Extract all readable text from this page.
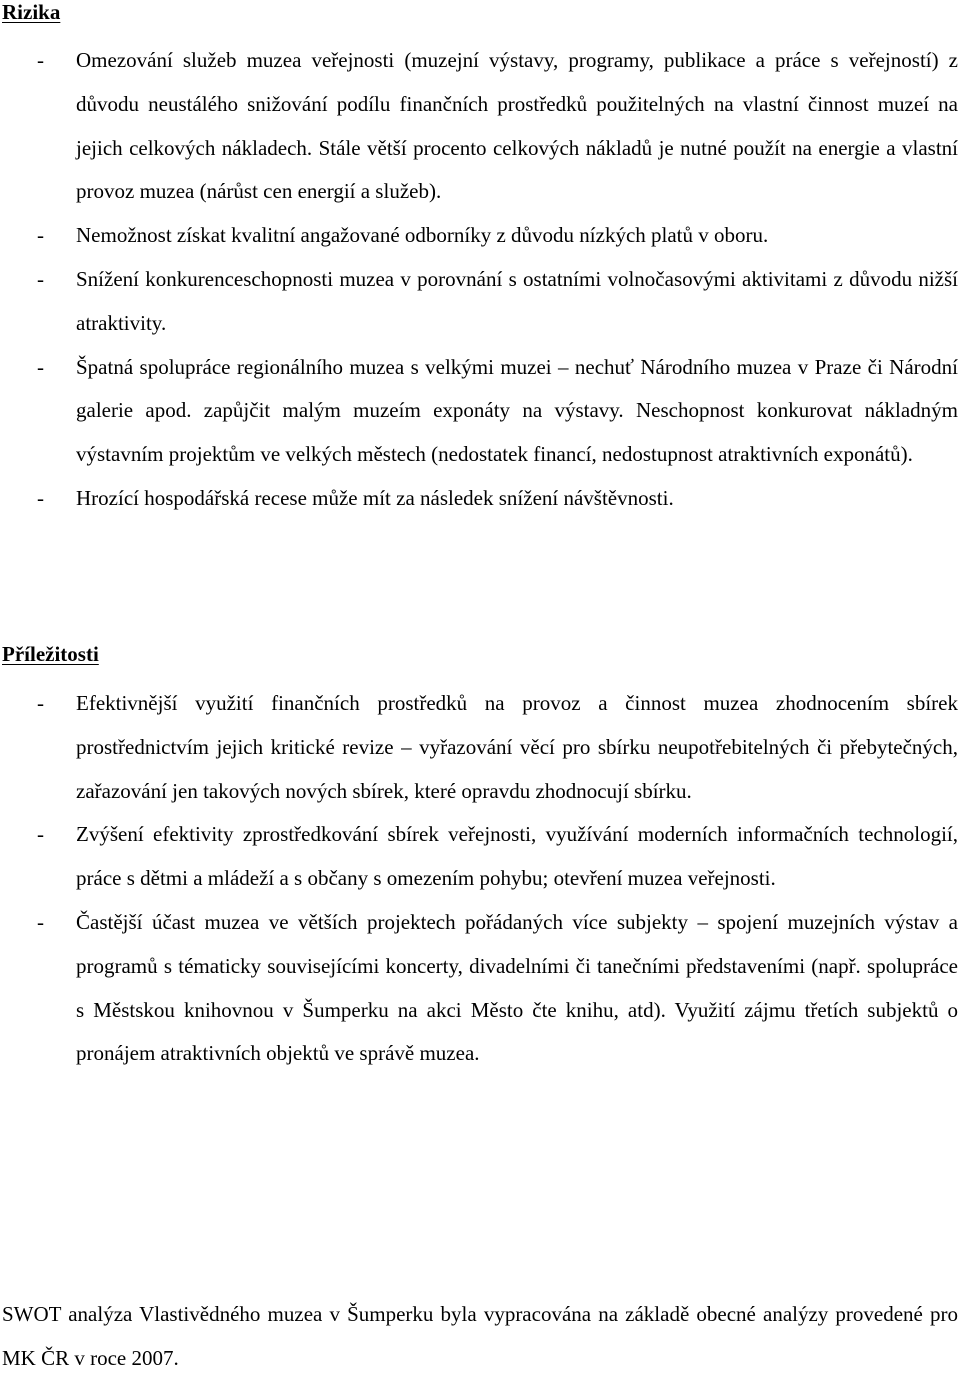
Rizika
- Omezování služeb muzea veřejnosti (muzejní výstavy, programy, publikace a práce s veřejností) z důvodu neustálého snižování podílu finančních prostředků použitelných na vlastní činnost muzeí na jejich celkových nákladech. Stále větší procento celkových nákladů je nutné použít na energie a vlastní provoz muzea (nárůst cen energií a služeb).
- Nemožnost získat kvalitní angažované odborníky z důvodu nízkých platů v oboru.
- Snížení konkurenceschopnosti muzea v porovnání s ostatními volnočasovými aktivitami z důvodu nižší atraktivity.
- Špatná spolupráce regionálního muzea s velkými muzei – nechuť Národního muzea v Praze či Národní galerie apod. zapůjčit malým muzeím exponáty na výstavy. Neschopnost konkurovat nákladným výstavním projektům ve velkých městech (nedostatek financí, nedostupnost atraktivních exponátů).
- Hrozící hospodářská recese může mít za následek snížení návštěvnosti.
Příležitosti
- Efektivnější využití finančních prostředků na provoz a činnost muzea zhodnocením sbírek prostřednictvím jejich kritické revize – vyřazování věcí pro sbírku neupotřebitelných či přebytečných, zařazování jen takových nových sbírek, které opravdu zhodnocují sbírku.
- Zvýšení efektivity zprostředkování sbírek veřejnosti, využívání moderních informačních technologií, práce s dětmi a mládeží a s občany s omezením pohybu; otevření muzea veřejnosti.
- Častější účast muzea ve větších projektech pořádaných více subjekty – spojení muzejních výstav a programů s tématicky souvisejícími koncerty, divadelními či tanečními představeními (např. spolupráce s Městskou knihovnou v Šumperku na akci Město čte knihu, atd). Využití zájmu třetích subjektů o pronájem atraktivních objektů ve správě muzea.

SWOT analýza Vlastivědného muzea v Šumperku byla vypracována na základě obecné analýzy provedené pro MK ČR v roce 2007.
